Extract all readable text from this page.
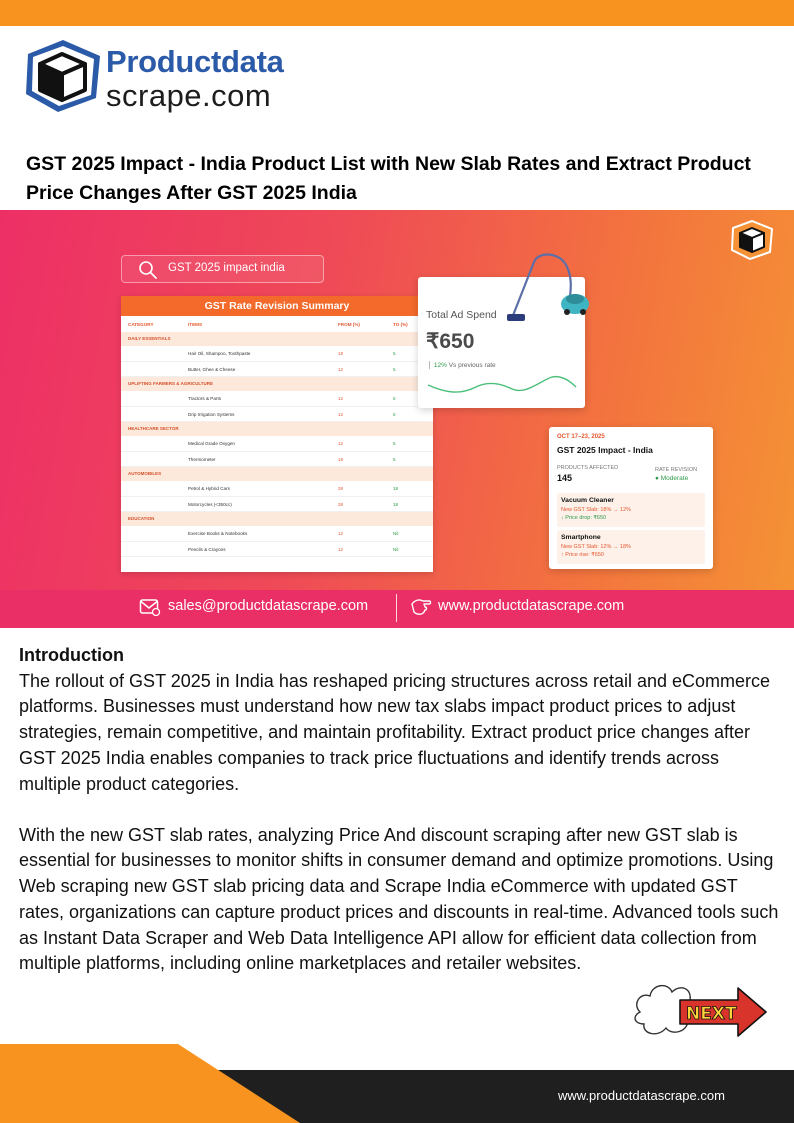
Productdata
scrape.com
GST 2025 Impact - India Product List with New Slab Rates and Extract Product Price Changes After GST 2025 India
GST 2025 impact india
GST Rate Revision Summary
CATEGORY	ITEMS	FROM (%)	TO (%)
DAILY ESSENTIALS
Hair Oil, Shampoo, Toothpaste	18	5
Butter, Ghee & Cheese	12	5
UPLIFTING FARMERS & AGRICULTURE
Tractors & Parts	12	5
Drip Irrigation Systems	12	5
HEALTHCARE SECTOR
Medical Grade Oxygen	12	5
Thermometer	18	5
AUTOMOBILES
Petrol & Hybrid Cars	28	18
Motorcycles (<350cc)	28	18
EDUCATION
Exercise Books & Notebooks	12	Nil
Pencils & Crayons	12	Nil
Total Ad Spend
₹650
│ 12% Vs previous rate
OCT 17–23, 2025
GST 2025 Impact - India
PRODUCTS AFFECTED	RATE REVISION
145	● Moderate
Vacuum Cleaner
New GST Slab: 18% → 12%
↓ Price drop: ₹650
Smartphone
New GST Slab: 12% → 18%
↑ Price rise: ₹650
sales@productdatascrape.com	www.productdatascrape.com
Introduction

The rollout of GST 2025 in India has reshaped pricing structures across retail and eCommerce platforms. Businesses must understand how new tax slabs impact product prices to adjust strategies, remain competitive, and maintain profitability. Extract product price changes after GST 2025 India enables companies to track price fluctuations and identify trends across multiple product categories.

With the new GST slab rates, analyzing Price And discount scraping after new GST slab is essential for businesses to monitor shifts in consumer demand and optimize promotions. Using Web scraping new GST slab pricing data and Scrape India eCommerce with updated GST rates, organizations can capture product prices and discounts in real-time. Advanced tools such as Instant Data Scraper and Web Data Intelligence API allow for efficient data collection from multiple platforms, including online marketplaces and retailer websites.

NEXT
www.productdatascrape.com
